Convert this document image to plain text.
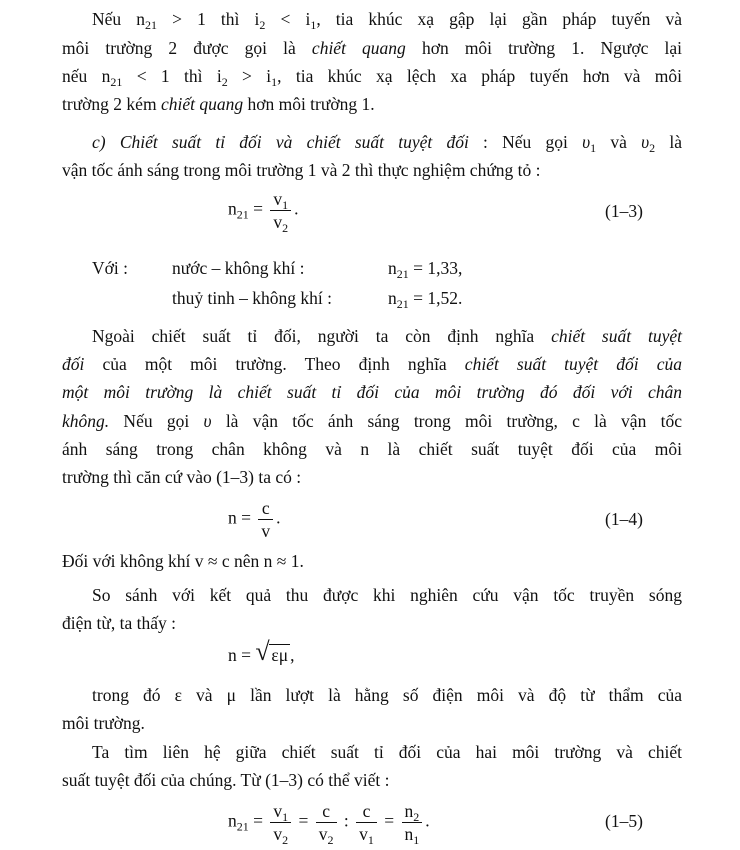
Nếu $n_{21} > 1$ thì $i_2 < i_1$, tia khúc xạ gập lại gần pháp tuyến và
môi trường 2 được gọi là chiết quang hơn môi trường 1. Ngược lại
nếu $n_{21} < 1$ thì $i_2 > i_1$, tia khúc xạ lệch xa pháp tuyến hơn và môi
trường 2 kém chiết quang hơn môi trường 1.
c) Chiết suất tỉ đối và chiết suất tuyệt đối : Nếu gọi $\upsilon_1$ và $\upsilon_2$ là
vận tốc ánh sáng trong môi trường 1 và 2 thì thực nghiệm chứng tỏ :
$n_{21} = \frac{v_1}{v_2}$ .	(1–3)
Với :	nước – không khí :	$n_{21} = 1,33$,
thuỷ tinh – không khí :	$n_{21} = 1,52$.
Ngoài chiết suất tỉ đối, người ta còn định nghĩa chiết suất tuyệt
đối của một môi trường. Theo định nghĩa chiết suất tuyệt đối của
một môi trường là chiết suất tỉ đối của môi trường đó đối với chân
không. Nếu gọi υ là vận tốc ánh sáng trong môi trường, c là vận tốc
ánh sáng trong chân không và n là chiết suất tuyệt đối của môi
trường thì căn cứ vào (1–3) ta có :
$n = \frac{c}{v}$ .	(1–4)
Đối với không khí v ≈ c nên n ≈ 1.
So sánh với kết quả thu được khi nghiên cứu vận tốc truyền sóng
điện từ, ta thấy :
n = √ εμ ,
trong đó ε và μ lần lượt là hằng số điện môi và độ từ thẩm của
môi trường.
Ta tìm liên hệ giữa chiết suất tỉ đối của hai môi trường và chiết
suất tuyệt đối của chúng. Từ (1–3) có thể viết :
$n_{21} = \frac{v_1}{v_2} = \frac{c}{v_2}$ : $\frac{c}{v_1} = \frac{n_2}{n_1}$ .	(1–5)
